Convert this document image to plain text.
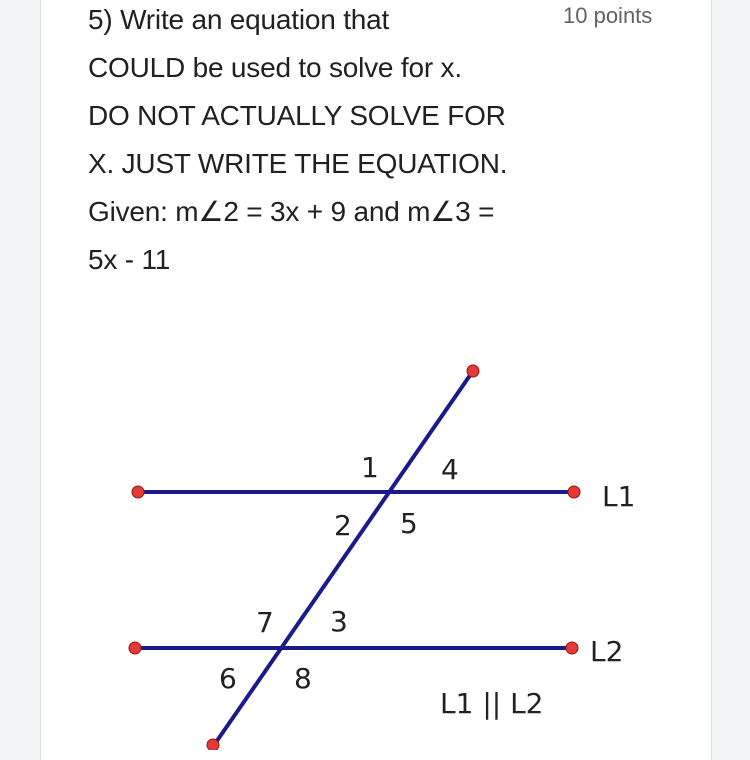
5) Write an equation that
COULD be used to solve for x.
DO NOT ACTUALLY SOLVE FOR
X. JUST WRITE THE EQUATION.
Given: m∠2 = 3x + 9 and m∠3 =
5x - 11
10 points
1 4
2 5
7 3
6 8
L1
L2
L1 || L2
